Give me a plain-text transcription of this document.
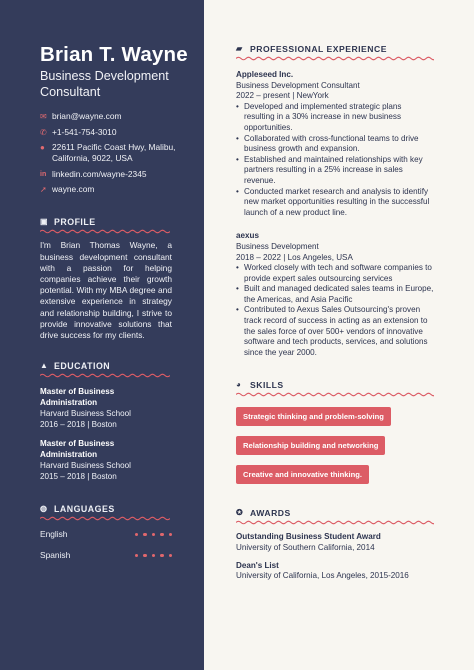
Brian T. Wayne
Business Development Consultant
✉ brian@wayne.com
✆ +1-541-754-3010
● 22611 Pacific Coast Hwy, Malibu, California, 9022, USA
in linkedin.com/wayne-2345
➚ wayne.com
▣ PROFILE
I'm Brian Thomas Wayne, a business development consultant with a passion for helping companies achieve their growth potential. With my MBA degree and extensive experience in strategy and relationship building, I strive to provide innovative solutions that drive success for my clients.
▲ EDUCATION
Master of Business Administration
Harvard Business School
2016 – 2018 | Boston
Master of Business Administration
Harvard Business School
2015 – 2018 | Boston
◍ LANGUAGES
English
Spanish
▰ PROFESSIONAL EXPERIENCE
Appleseed Inc.
Business Development Consultant
2022 – present | NewYork
• Developed and implemented strategic plans resulting in a 30% increase in new business opportunities.
• Collaborated with cross-functional teams to drive business growth and expansion.
• Established and maintained relationships with key partners resulting in a 25% increase in sales revenue.
• Conducted market research and analysis to identify new market opportunities resulting in the successful launch of a new product line.
aexus
Business Development
2018 – 2022 | Los Angeles, USA
• Worked closely with tech and software companies to provide expert sales outsourcing services
• Built and managed dedicated sales teams in Europe, the Americas, and Asia Pacific
• Contributed to Aexus Sales Outsourcing's proven track record of success in acting as an extension to the sales force of over 500+ vendors of innovative software and tech products, services, and solutions since the year 2000.
◕	SKILLS
Strategic thinking and problem-solving
Relationship building and networking
Creative and innovative thinking.
✪ AWARDS
Outstanding Business Student Award
University of Southern California, 2014
Dean's List
University of California, Los Angeles, 2015-2016
